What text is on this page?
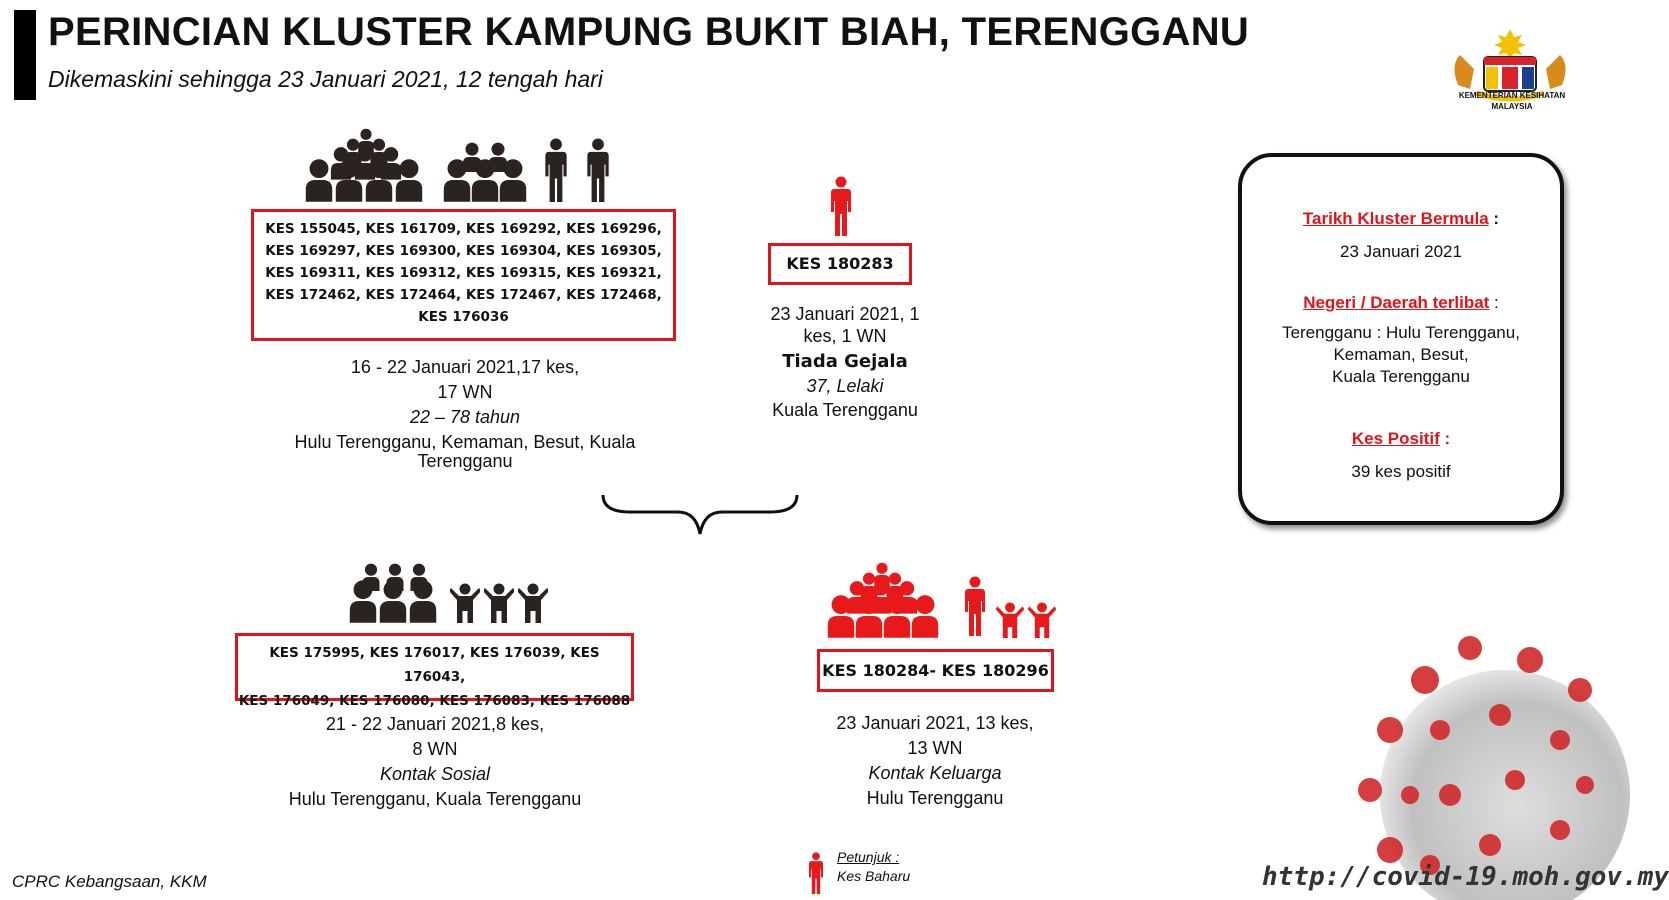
PERINCIAN KLUSTER KAMPUNG BUKIT BIAH, TERENGGANU
Dikemaskini sehingga 23 Januari 2021, 12 tengah hari
KEMENTERIAN KESIHATAN
MALAYSIA
KES 155045, KES 161709, KES 169292, KES 169296,
KES 169297, KES 169300, KES 169304, KES 169305,
KES 169311, KES 169312, KES 169315, KES 169321,
KES 172462, KES 172464, KES 172467, KES 172468,
KES 176036
16 - 22 Januari 2021,17 kes,
17 WN
22 – 78 tahun
Hulu Terengganu, Kemaman, Besut, Kuala
Terengganu
KES 180283
23 Januari 2021, 1
kes, 1 WN
Tiada Gejala
37, Lelaki
Kuala Terengganu
KES 175995, KES 176017, KES 176039, KES 176043,
KES 176049, KES 176080, KES 176083, KES 176088
21 - 22 Januari 2021,8 kes,
8 WN
Kontak Sosial
Hulu Terengganu, Kuala Terengganu
KES 180284- KES 180296
23 Januari 2021, 13 kes,
13 WN
Kontak Keluarga
Hulu Terengganu
Tarikh Kluster Bermula :
23 Januari 2021
Negeri / Daerah terlibat :
Terengganu : Hulu Terengganu,
Kemaman, Besut,
Kuala Terengganu
Kes Positif :
39 kes positif
Petunjuk :
Kes Baharu
CPRC Kebangsaan, KKM	http://covid-19.moh.gov.my
